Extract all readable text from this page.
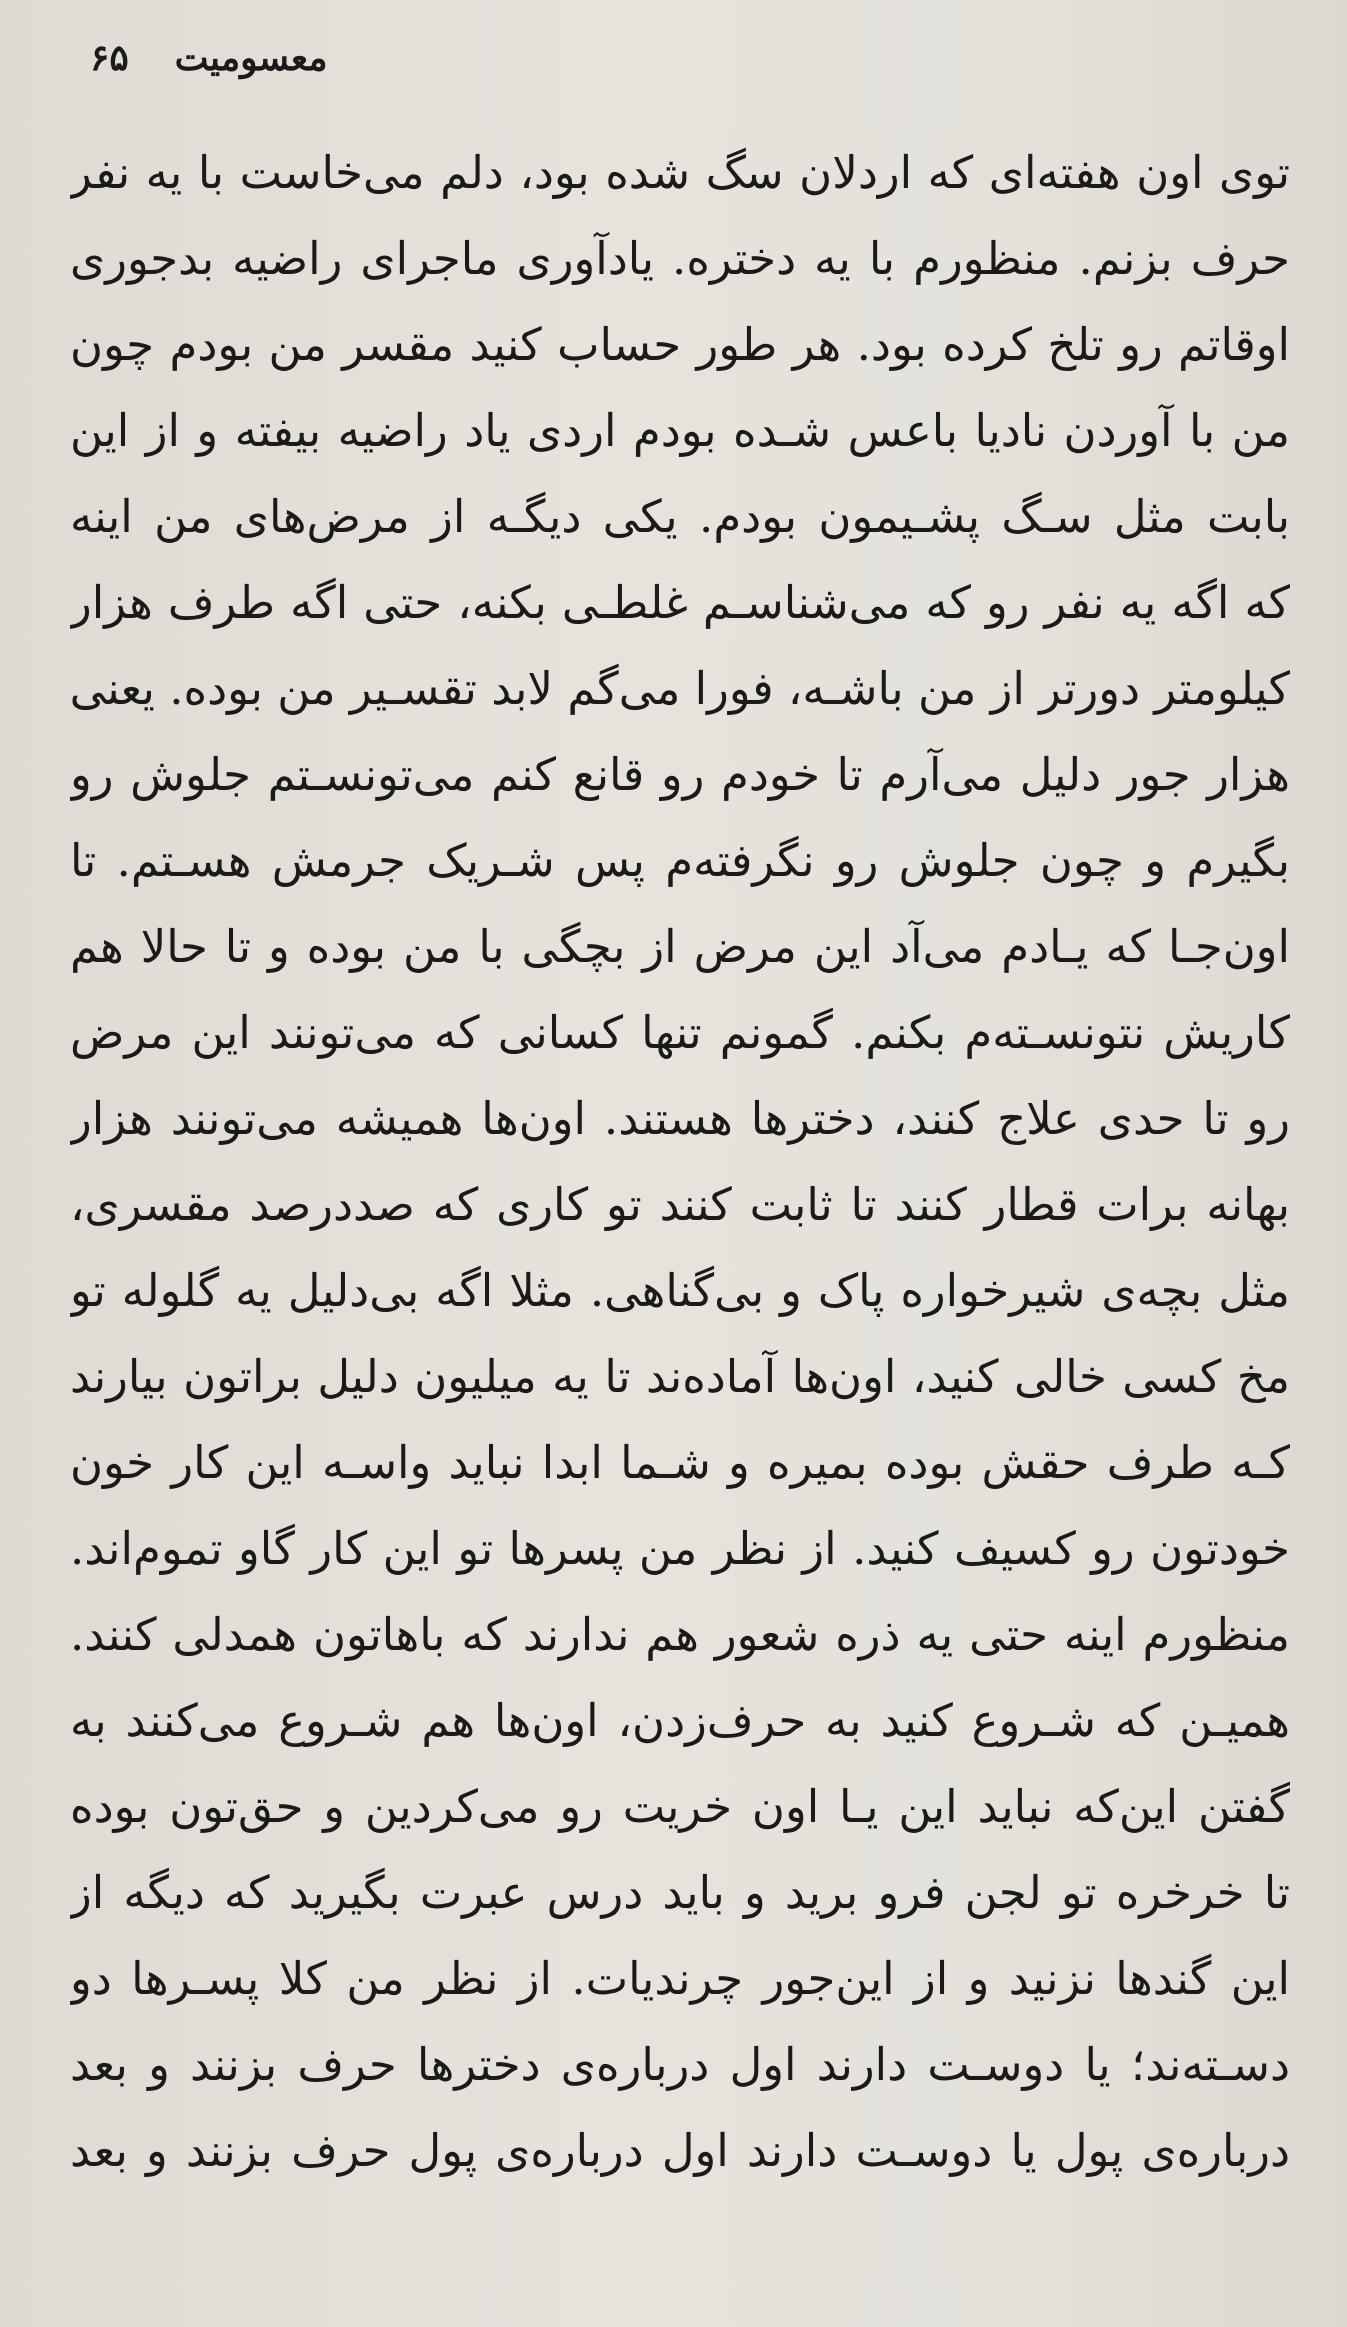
۶۵ معسومیت
توی اون هفته‌ای که اردلان سگ شده بود، دلم می‌خاست با یه نفر
حرف بزنم. منظورم با یه دختره. یادآوری ماجرای راضیه بدجوری
اوقاتم رو تلخ کرده بود. هر طور حساب کنید مقسر من بودم چون
من با آوردن نادیا باعس شـده بودم اردی یاد راضیه بیفته و از این
بابت مثل سـگ پشـیمون بودم. یکی دیگـه از مرض‌های من اینه
که اگه یه نفر رو که می‌شناسـم غلطـی بکنه، حتی اگه طرف هزار
کیلومتر دورتر از من باشـه، فورا می‌گم لابد تقسـیر من بوده. یعنی
هزار جور دلیل می‌آرم تا خودم رو قانع کنم می‌تونسـتم جلوش رو
بگیرم و چون جلوش رو نگرفته‌م پس شـریک جرمش هسـتم. تا
اون‌جـا که یـادم می‌آد این مرض از بچگی با من بوده و تا حالا هم
کاریش نتونسـته‌م بکنم. گمونم تنها کسانی که می‌تونند این مرض
رو تا حدی علاج کنند، دخترها هستند. اون‌ها همیشه می‌تونند هزار
بهانه برات قطار کنند تا ثابت کنند تو کاری که صددرصد مقسری،
مثل بچه‌ی شیرخواره پاک و بی‌گناهی. مثلا اگه بی‌دلیل یه گلوله تو
مخ کسی خالی کنید، اون‌ها آماده‌ند تا یه میلیون دلیل براتون بیارند
کـه طرف حقش بوده بمیره و شـما ابدا نباید واسـه این کار خون
خودتون رو کسیف کنید. از نظر من پسرها تو این کار گاو تموم‌اند.
منظورم اینه حتی یه ذره شعور هم ندارند که باهاتون همدلی کنند.
همیـن که شـروع کنید به حرف‌زدن، اون‌ها هم شـروع می‌کنند به
گفتن این‌که نباید این یـا اون خریت رو می‌کردین و حق‌تون بوده
تا خرخره تو لجن فرو برید و باید درس عبرت بگیرید که دیگه از
این گندها نزنید و از این‌جور چرندیات. از نظر من کلا پسـرها دو
دسـته‌ند؛ یا دوسـت دارند اول درباره‌ی دخترها حرف بزنند و بعد
درباره‌ی پول یا دوسـت دارند اول درباره‌ی پول حرف بزنند و بعد
